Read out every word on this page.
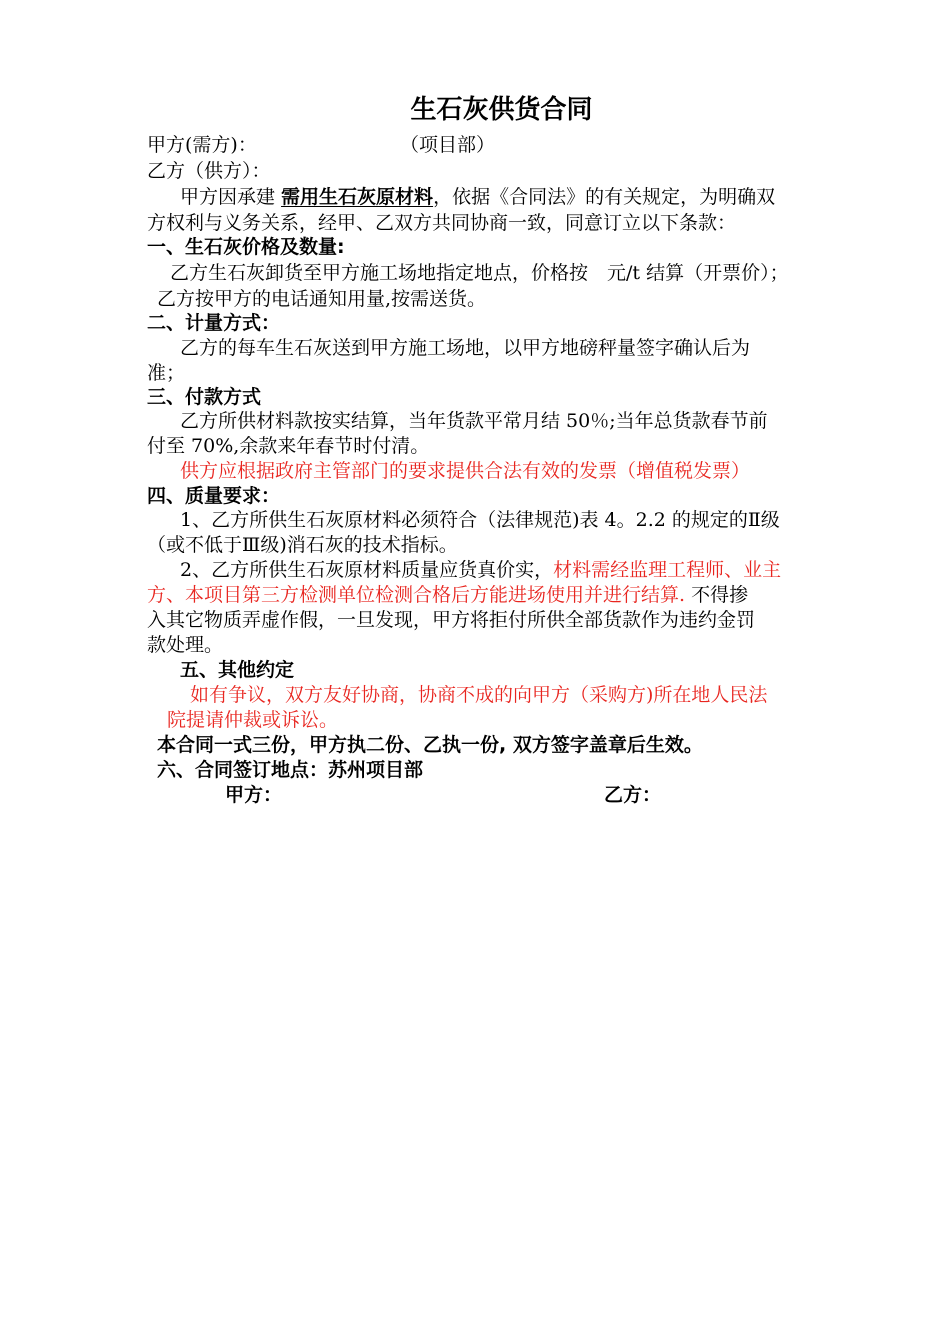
生石灰供货合同
甲方(需方)：	（项目部）
乙方（供方）：
甲方因承建 需用生石灰原材料，依据《合同法》的有关规定，为明确双
方权利与义务关系，经甲、乙双方共同协商一致，同意订立以下条款：
一、生石灰价格及数量:
乙方生石灰卸货至甲方施工场地指定地点，价格按　元/t 结算（开票价）；
乙方按甲方的电话通知用量,按需送货。
二、计量方式：
乙方的每车生石灰送到甲方施工场地，以甲方地磅秤量签字确认后为
准；
三、付款方式
乙方所供材料款按实结算，当年货款平常月结 50％;当年总货款春节前
付至 70%,余款来年春节时付清。
供方应根据政府主管部门的要求提供合法有效的发票（增值税发票）
四、质量要求：
1、乙方所供生石灰原材料必须符合（法律规范)表 4。2.2 的规定的Ⅱ级
（或不低于Ⅲ级)消石灰的技术指标。
2、乙方所供生石灰原材料质量应货真价实，材料需经监理工程师、业主
方、本项目第三方检测单位检测合格后方能进场使用并进行结算. 不得掺
入其它物质弄虚作假，一旦发现，甲方将拒付所供全部货款作为违约金罚
款处理。
五、其他约定
如有争议，双方友好协商，协商不成的向甲方（采购方)所在地人民法
院提请仲裁或诉讼。
本合同一式三份，甲方执二份、乙执一份, 双方签字盖章后生效。
六、合同签订地点：苏州项目部
甲方：	乙方：
